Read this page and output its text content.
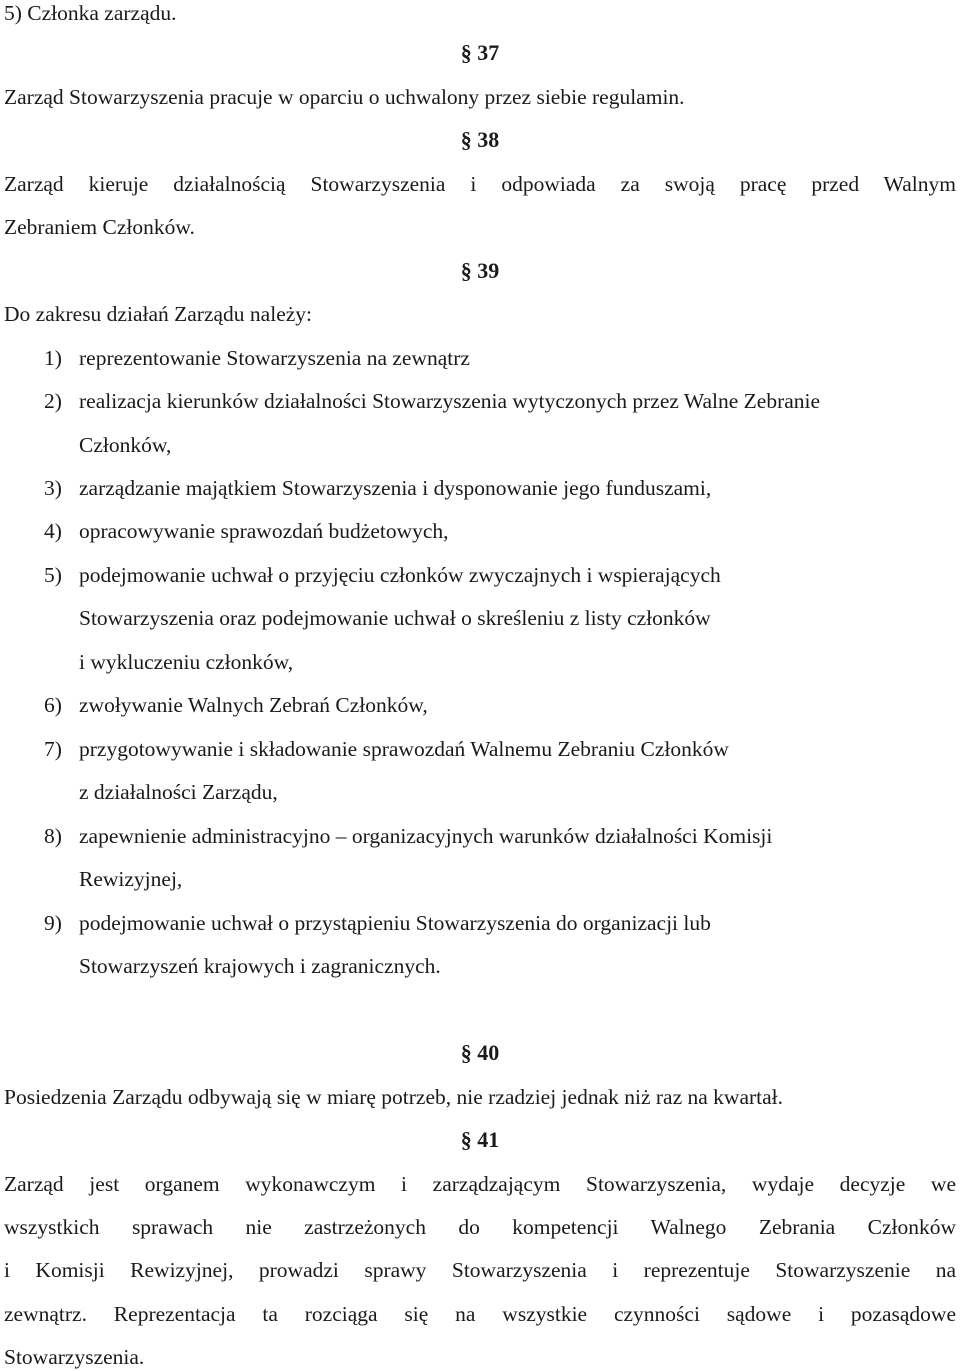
5) Członka zarządu.
§ 37
Zarząd Stowarzyszenia pracuje w oparciu o uchwalony przez siebie regulamin.
§ 38
Zarząd kieruje działalnością Stowarzyszenia i odpowiada za swoją pracę przed Walnym
Zebraniem Członków.
§ 39
Do zakresu działań Zarządu należy:
1) reprezentowanie Stowarzyszenia na zewnątrz
2) realizacja kierunków działalności Stowarzyszenia wytyczonych przez Walne Zebranie
Członków,
3) zarządzanie majątkiem Stowarzyszenia i dysponowanie jego funduszami,
4) opracowywanie sprawozdań budżetowych,
5) podejmowanie uchwał o przyjęciu członków zwyczajnych i wspierających
Stowarzyszenia oraz podejmowanie uchwał o skreśleniu z listy członków
i wykluczeniu członków,
6) zwoływanie Walnych Zebrań Członków,
7) przygotowywanie i składowanie sprawozdań Walnemu Zebraniu Członków
z działalności Zarządu,
8) zapewnienie administracyjno – organizacyjnych warunków działalności Komisji
Rewizyjnej,
9) podejmowanie uchwał o przystąpieniu Stowarzyszenia do organizacji lub
Stowarzyszeń krajowych i zagranicznych.
§ 40
Posiedzenia Zarządu odbywają się w miarę potrzeb, nie rzadziej jednak niż raz na kwartał.
§ 41
Zarząd jest organem wykonawczym i zarządzającym Stowarzyszenia, wydaje decyzje we
wszystkich sprawach nie zastrzeżonych do kompetencji Walnego Zebrania Członków
i Komisji Rewizyjnej, prowadzi sprawy Stowarzyszenia i reprezentuje Stowarzyszenie na
zewnątrz. Reprezentacja ta rozciąga się na wszystkie czynności sądowe i pozasądowe
Stowarzyszenia.
